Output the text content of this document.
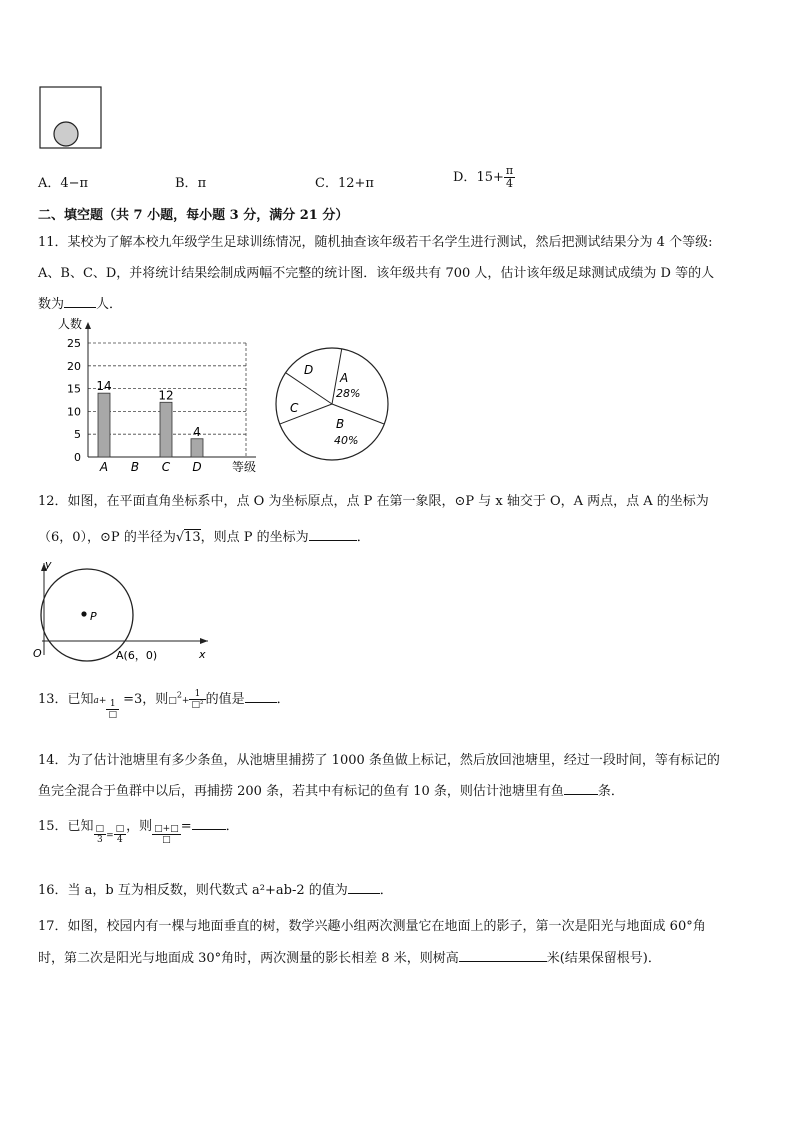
A．4−π	B．π	C．12+π	D．$15+ \frac{\pi}{4}$
二、填空题（共 7 小题，每小题 3 分，满分 21 分）
11．某校为了解本校九年级学生足球训练情况，随机抽查该年级若干名学生进行测试，然后把测试结果分为 4 个等级:
A、B、C、D，并将统计结果绘制成两幅不完整的统计图．该年级共有 700 人，估计该年级足球测试成绩为 D 等的人
数为 人．
0
5
10
15
20
25
人数
等级
A
14
B C
12
D
4
A
28%
B
40%
C
D
12．如图，在平面直角坐标系中，点 O 为坐标原点，点 P 在第一象限，⊙P 与 x 轴交于 O，A 两点，点 A 的坐标为
（6，0），⊙P 的半径为√13，则点 P 的坐标为	．
y
x
O
P
A(6，0)
13．已知$a+ \frac{1}{□} =3$，则□$^2$+ $\frac{1}{\text{□²}}$ 的值是 ．
14．为了估计池塘里有多少条鱼，从池塘里捕捞了 1000 条鱼做上标记，然后放回池塘里，经过一段时间，等有标记的
鱼完全混合于鱼群中以后，再捕捞 200 条，若其中有标记的鱼有 10 条，则估计池塘里有鱼	条．
15．已知 $\frac{□}{3} _= \frac{□}{4}$ ，则 $\frac{□+□}{□}$ =	．
16．当 a，b 互为相反数，则代数式 a²+ab-2 的值为 ．
17．如图，校园内有一棵与地面垂直的树，数学兴趣小组两次测量它在地面上的影子，第一次是阳光与地面成 60°角
时，第二次是阳光与地面成 30°角时，两次测量的影长相差 8 米，则树高	米(结果保留根号)．
